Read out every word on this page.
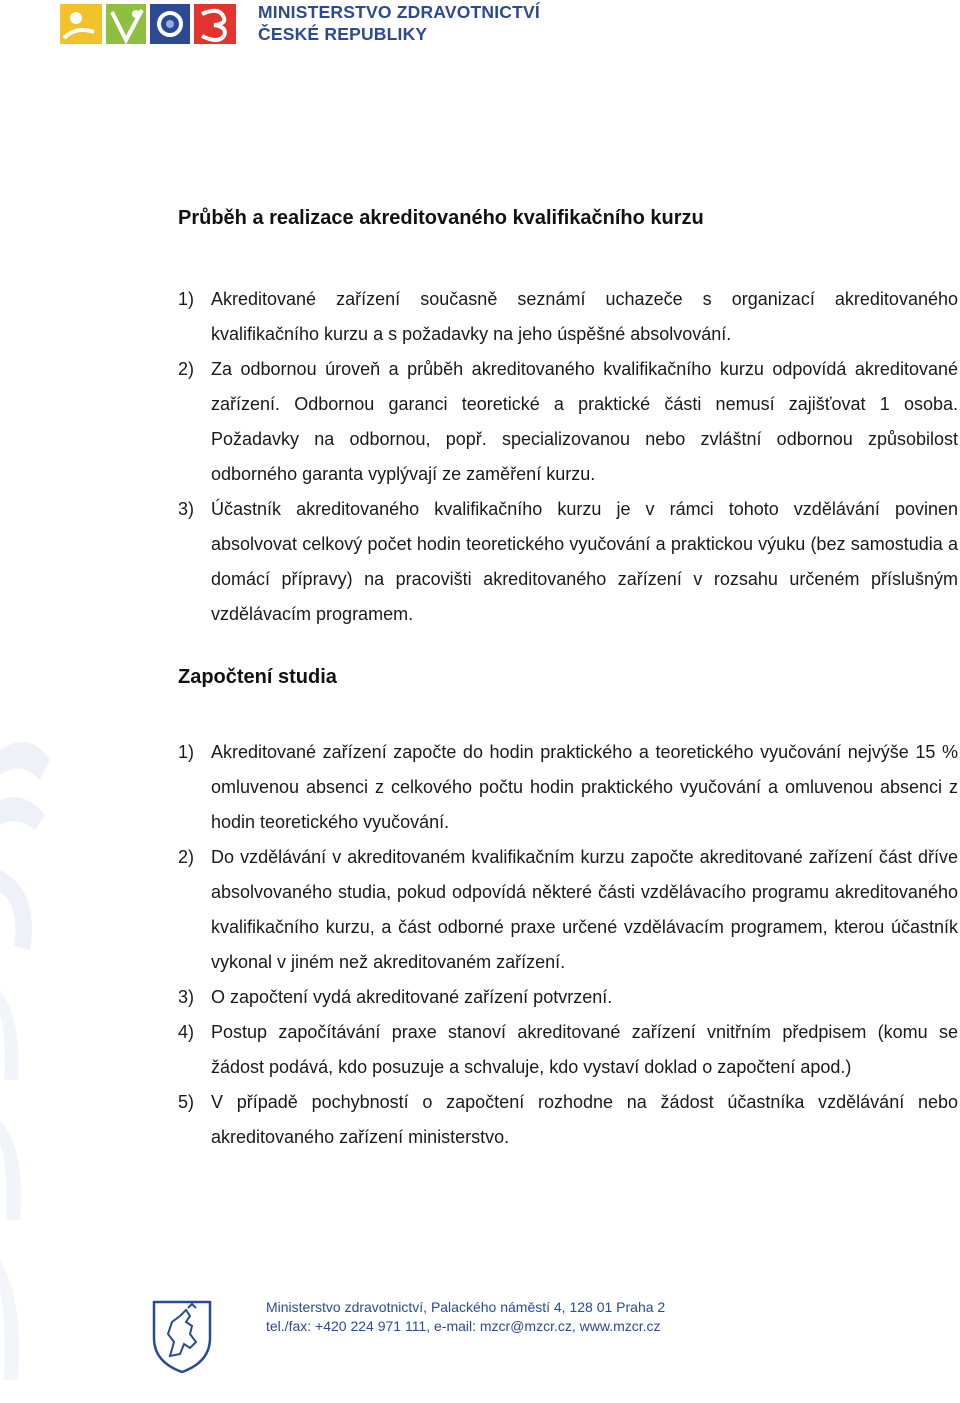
MINISTERSTVO ZDRAVOTNICTVÍ
ČESKÉ REPUBLIKY
Průběh a realizace akreditovaného kvalifikačního kurzu
1) Akreditované zařízení současně seznámí uchazeče s organizací akreditovaného kvalifikačního kurzu a s požadavky na jeho úspěšné absolvování.
2) Za odbornou úroveň a průběh akreditovaného kvalifikačního kurzu odpovídá akreditované zařízení. Odbornou garanci teoretické a praktické části nemusí zajišťovat 1 osoba. Požadavky na odbornou, popř. specializovanou nebo zvláštní odbornou způsobilost odborného garanta vyplývají ze zaměření kurzu.
3) Účastník akreditovaného kvalifikačního kurzu je v rámci tohoto vzdělávání povinen absolvovat celkový počet hodin teoretického vyučování a praktickou výuku (bez samostudia a domácí přípravy) na pracovišti akreditovaného zařízení v rozsahu určeném příslušným vzdělávacím programem.
Započtení studia
1) Akreditované zařízení započte do hodin praktického a teoretického vyučování nejvýše 15 % omluvenou absenci z celkového počtu hodin praktického vyučování a omluvenou absenci z hodin teoretického vyučování.
2) Do vzdělávání v akreditovaném kvalifikačním kurzu započte akreditované zařízení část dříve absolvovaného studia, pokud odpovídá některé části vzdělávacího programu akreditovaného kvalifikačního kurzu, a část odborné praxe určené vzdělávacím programem, kterou účastník vykonal v jiném než akreditovaném zařízení.
3) O započtení vydá akreditované zařízení potvrzení.
4) Postup započítávání praxe stanoví akreditované zařízení vnitřním předpisem (komu se žádost podává, kdo posuzuje a schvaluje, kdo vystaví doklad o započtení apod.)
5) V případě pochybností o započtení rozhodne na žádost účastníka vzdělávání nebo akreditovaného zařízení ministerstvo.
Ministerstvo zdravotnictví, Palackého náměstí 4, 128 01 Praha 2
tel./fax: +420 224 971 111, e-mail: mzcr@mzcr.cz, www.mzcr.cz
